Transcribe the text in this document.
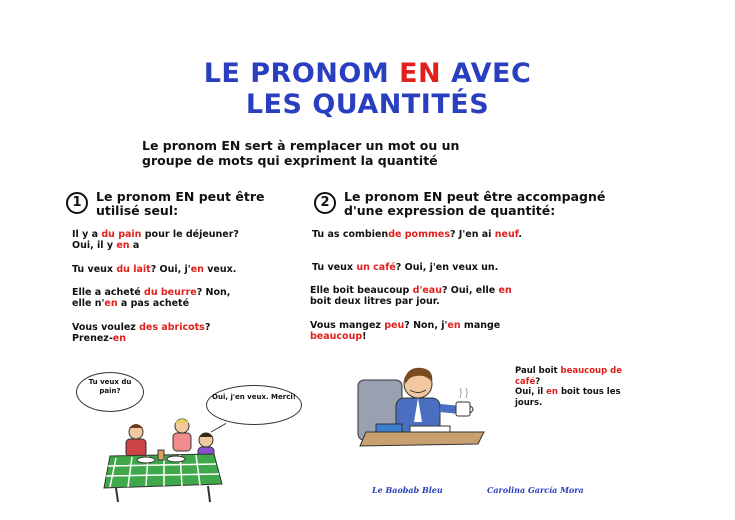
LE PRONOM EN AVEC
LES QUANTITÉS
Le pronom EN sert à remplacer un mot ou un
groupe de mots qui expriment la quantité
1	Le pronom EN peut être
utilisé seul:
Il y a du pain pour le déjeuner?
Oui, il y en a
Tu veux du lait? Oui, j'en veux.
Elle a acheté du beurre? Non,
elle n'en a pas acheté
Vous voulez des abricots?
Prenez-en
2	Le pronom EN peut être accompagné
d'une expression de quantité:
Tu as combiende pommes? J'en ai neuf.
Tu veux un café? Oui, j'en veux un.
Elle boit beaucoup d'eau? Oui, elle en
boit deux litres par jour.
Vous mangez peu? Non, j'en mange
beaucoup!
Tu veux du pain?
Oui, j'en veux. Merci!
Paul boit beaucoup de café?
Oui, il en boit tous les jours.
Le Baobab Bleu	Carolina García Mora
